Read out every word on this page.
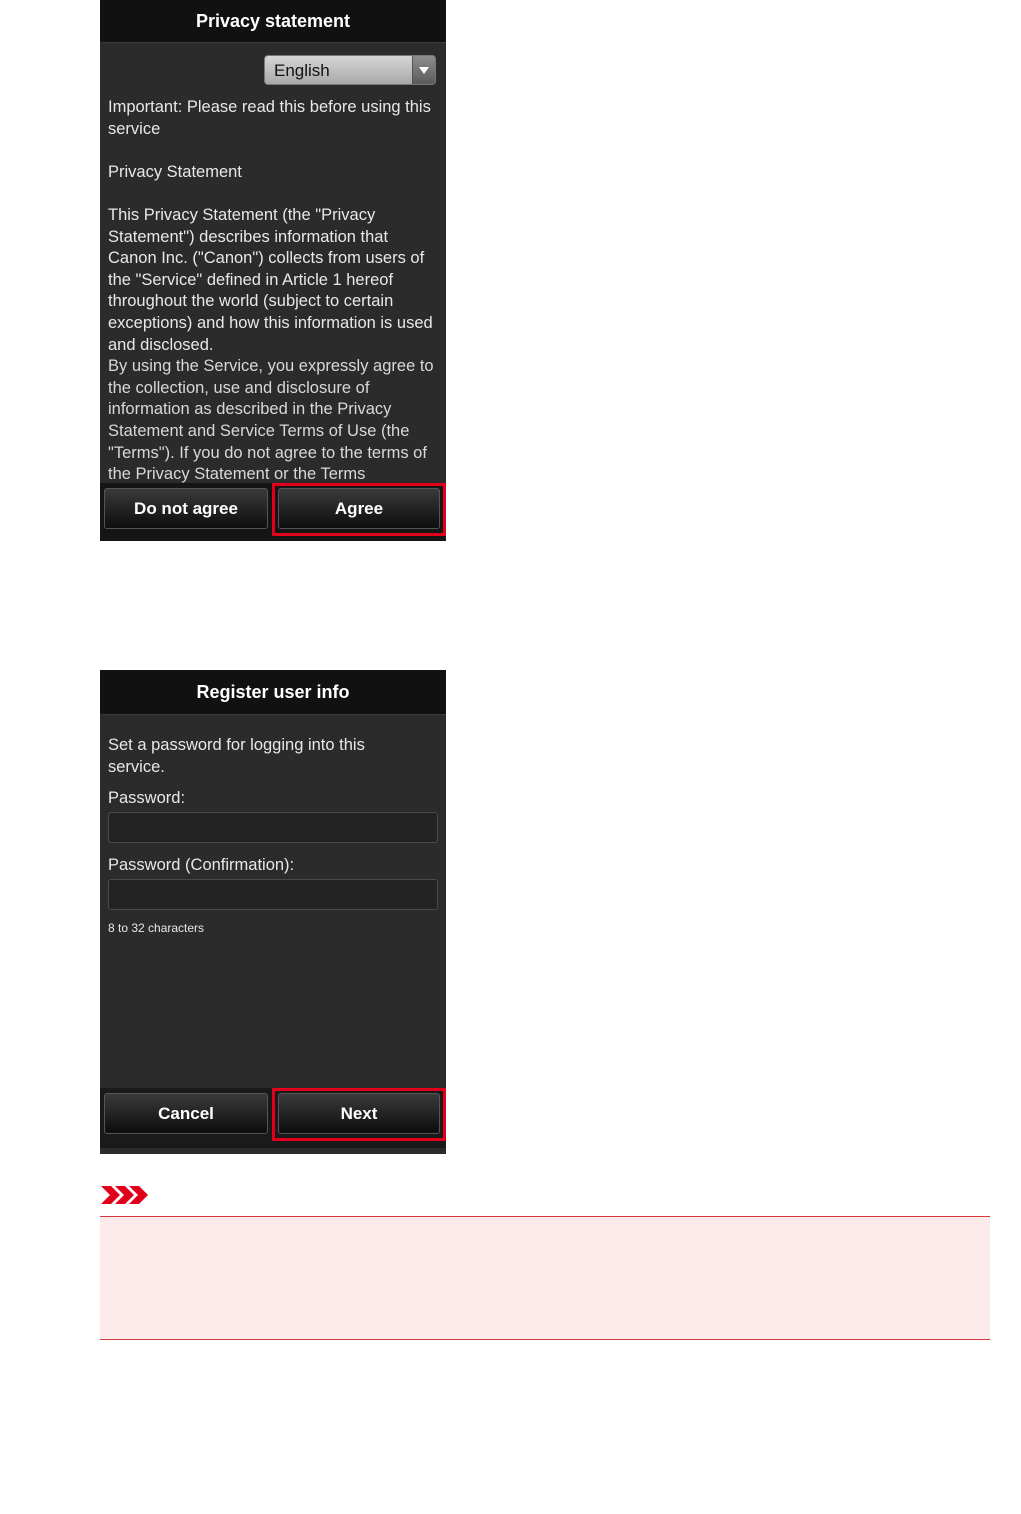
Privacy statement
English

Important: Please read this before using this service

Privacy Statement

This Privacy Statement (the "Privacy Statement") describes information that Canon Inc. ("Canon") collects from users of the "Service" defined in Article 1 hereof throughout the world (subject to certain exceptions) and how this information is used and disclosed.

By using the Service, you expressly agree to the collection, use and disclosure of information as described in the Privacy Statement and Service Terms of Use (the "Terms"). If you do not agree to the terms of the Privacy Statement or the Terms

Do not agree	Agree
Register user info
Set a password for logging into this service.
Password:
Password (Confirmation):
8 to 32 characters
Cancel	Next
